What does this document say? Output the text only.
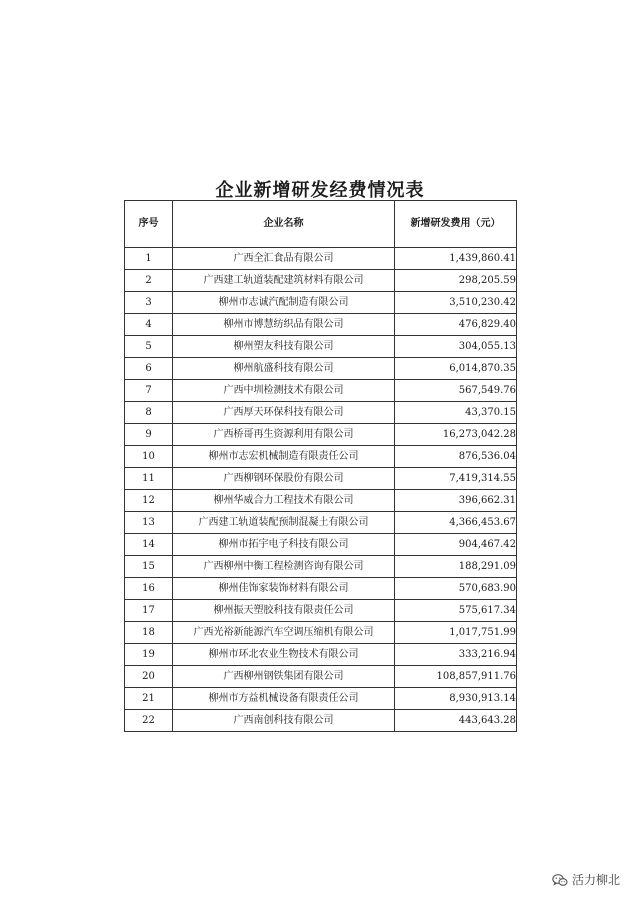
企业新增研发经费情况表
序号	企业名称	新增研发费用（元）
1	广西全汇食品有限公司	1,439,860.41
2	广西建工轨道装配建筑材料有限公司	298,205.59
3	柳州市志诚汽配制造有限公司	3,510,230.42
4	柳州市博慧纺织品有限公司	476,829.40
5	柳州塑友科技有限公司	304,055.13
6	柳州航盛科技有限公司	6,014,870.35
7	广西中圳检测技术有限公司	567,549.76
8	广西厚天环保科技有限公司	43,370.15
9	广西桥哥再生资源利用有限公司	16,273,042.28
10	柳州市志宏机械制造有限责任公司	876,536.04
11	广西柳钢环保股份有限公司	7,419,314.55
12	柳州华威合力工程技术有限公司	396,662.31
13	广西建工轨道装配预制混凝土有限公司	4,366,453.67
14	柳州市拓宇电子科技有限公司	904,467.42
15	广西柳州中衡工程检测咨询有限公司	188,291.09
16	柳州佳饰家装饰材料有限公司	570,683.90
17	柳州振天塑胶科技有限责任公司	575,617.34
18	广西光裕新能源汽车空调压缩机有限公司	1,017,751.99
19	柳州市环北农业生物技术有限公司	333,216.94
20	广西柳州钢铁集团有限公司	108,857,911.76
21	柳州市方益机械设备有限责任公司	8,930,913.14
22	广西南创科技有限公司	443,643.28
活力柳北
